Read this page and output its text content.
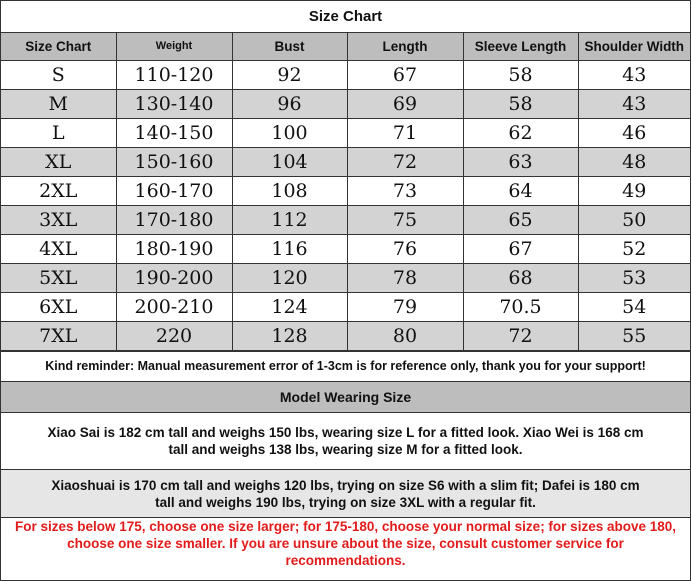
Size Chart
Size Chart	Weight	Bust	Length	Sleeve Length	Shoulder Width
S	110-120	92	67	58	43
M	130-140	96	69	58	43
L	140-150	100	71	62	46
XL	150-160	104	72	63	48
2XL	160-170	108	73	64	49
3XL	170-180	112	75	65	50
4XL	180-190	116	76	67	52
5XL	190-200	120	78	68	53
6XL	200-210	124	79	70.5	54
7XL	220	128	80	72	55
Kind reminder: Manual measurement error of 1-3cm is for reference only, thank you for your support!
Model Wearing Size
Xiao Sai is 182 cm tall and weighs 150 lbs, wearing size L for a fitted look. Xiao Wei is 168 cm tall and weighs 138 lbs, wearing size M for a fitted look.
Xiaoshuai is 170 cm tall and weighs 120 lbs, trying on size S6 with a slim fit; Dafei is 180 cm tall and weighs 190 lbs, trying on size 3XL with a regular fit.
For sizes below 175, choose one size larger; for 175-180, choose your normal size; for sizes above 180, choose one size smaller. If you are unsure about the size, consult customer service for recommendations.
